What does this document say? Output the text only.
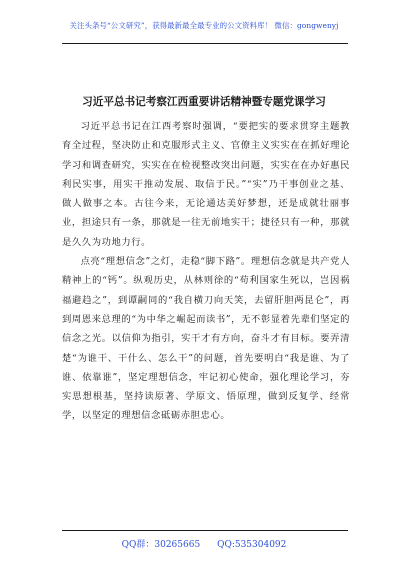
关注头条号“公文研究”，获得最新最全最专业的公文资料库！ 微信：gongwenyj
习近平总书记考察江西重要讲话精神暨专题党课学习

习近平总书记在江西考察时强调，“要把实的要求贯穿主题教育全过程，坚决防止和克服形式主义、官僚主义实实在在抓好理论学习和调查研究，实实在在检视整改突出问题，实实在在办好惠民利民实事，用实干推动发展、取信于民。”“实”乃干事创业之基、做人做事之本。古往今来，无论通达美好梦想，还是成就壮丽事业，担途只有一条，那就是一往无前地实干；捷径只有一种，那就是久久为功地力行。

点亮“理想信念”之灯，走稳“脚下路”。理想信念就是共产党人精神上的“钙”。纵观历史，从林则徐的“苟利国家生死以，岂因祸福避趋之”，到谭嗣同的“我自横刀向天笑，去留肝胆两昆仑”，再到周恩来总理的“为中华之崛起而读书”，无不彰显着先辈们坚定的信念之光。以信仰为指引，实干才有方向，奋斗才有目标。要弄清楚“为谁干、干什么、怎么干”的问题，首先要明白“我是谁、为了谁、依靠谁”，坚定理想信念，牢记初心使命，强化理论学习，夯实思想根基，坚持读原著、学原文、悟原理，做到反复学、经常学，以坚定的理想信念砥砺赤胆忠心。

QQ群：30265665 QQ:535304092
